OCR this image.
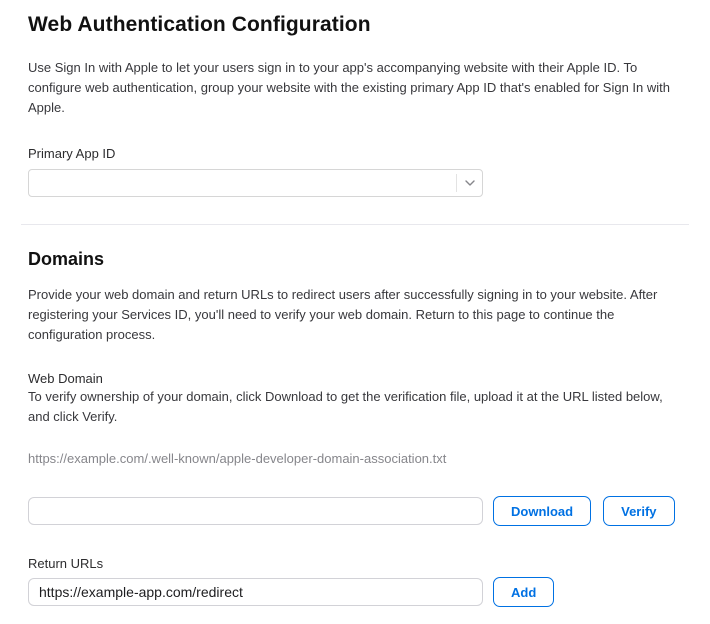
Web Authentication Configuration

Use Sign In with Apple to let your users sign in to your app's accompanying website with their Apple ID. To configure web authentication, group your website with the existing primary App ID that's enabled for Sign In with Apple.

Primary App ID
Domains

Provide your web domain and return URLs to redirect users after successfully signing in to your website. After registering your Services ID, you'll need to verify your web domain. Return to this page to continue the configuration process.

Web Domain

To verify ownership of your domain, click Download to get the verification file, upload it at the URL listed below, and click Verify.

https://example.com/.well-known/apple-developer-domain-association.txt
Download	Verify
Return URLs
https://example-app.com/redirect
Add
